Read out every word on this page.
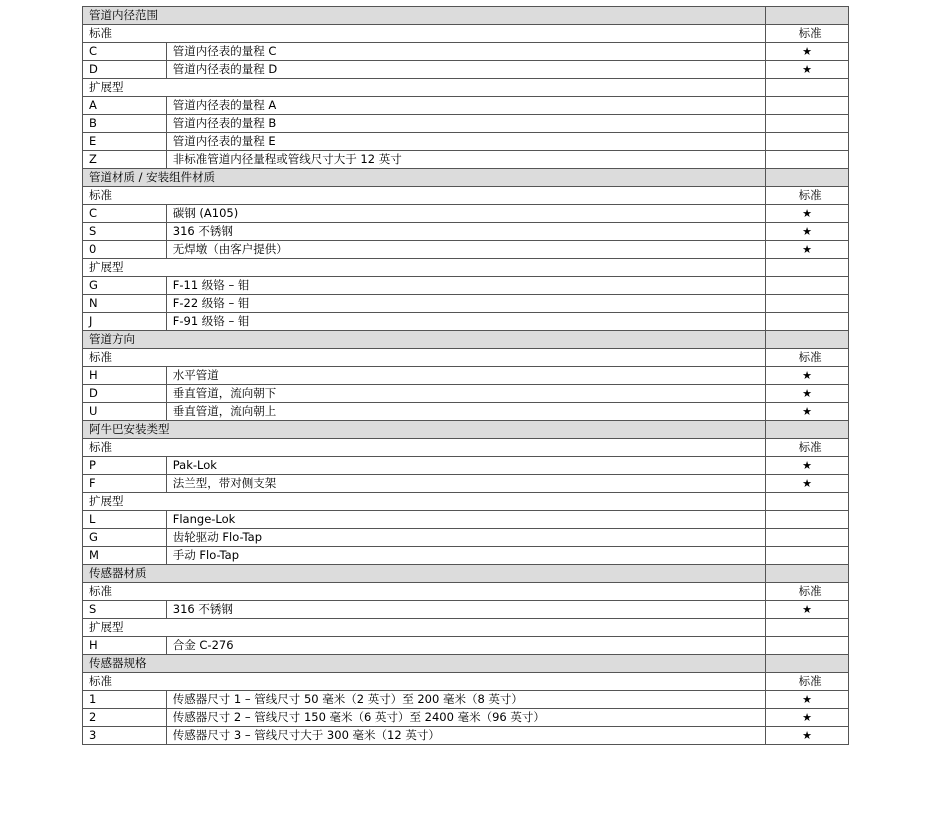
管道内径范围		
标准		标准
C	管道内径表的量程 C	★
D	管道内径表的量程 D	★
扩展型		
A	管道内径表的量程 A	
B	管道内径表的量程 B	
E	管道内径表的量程 E	
Z	非标准管道内径量程或管线尺寸大于 12 英寸	
管道材质 / 安装组件材质		
标准		标准
C	碳钢 (A105)	★
S	316 不锈钢	★
0	无焊墩（由客户提供）	★
扩展型		
G	F-11 级铬 – 钼	
N	F-22 级铬 – 钼	
J	F-91 级铬 – 钼	
管道方向		
标准		标准
H	水平管道	★
D	垂直管道，流向朝下	★
U	垂直管道，流向朝上	★
阿牛巴安装类型		
标准		标准
P	Pak-Lok	★
F	法兰型，带对侧支架	★
扩展型		
L	Flange-Lok	
G	齿轮驱动 Flo-Tap	
M	手动 Flo-Tap	
传感器材质		
标准		标准
S	316 不锈钢	★
扩展型		
H	合金 C-276	
传感器规格		
标准		标准
1	传感器尺寸 1 – 管线尺寸 50 毫米（2 英寸）至 200 毫米（8 英寸）	★
2	传感器尺寸 2 – 管线尺寸 150 毫米（6 英寸）至 2400 毫米（96 英寸）	★
3	传感器尺寸 3 – 管线尺寸大于 300 毫米（12 英寸）	★
